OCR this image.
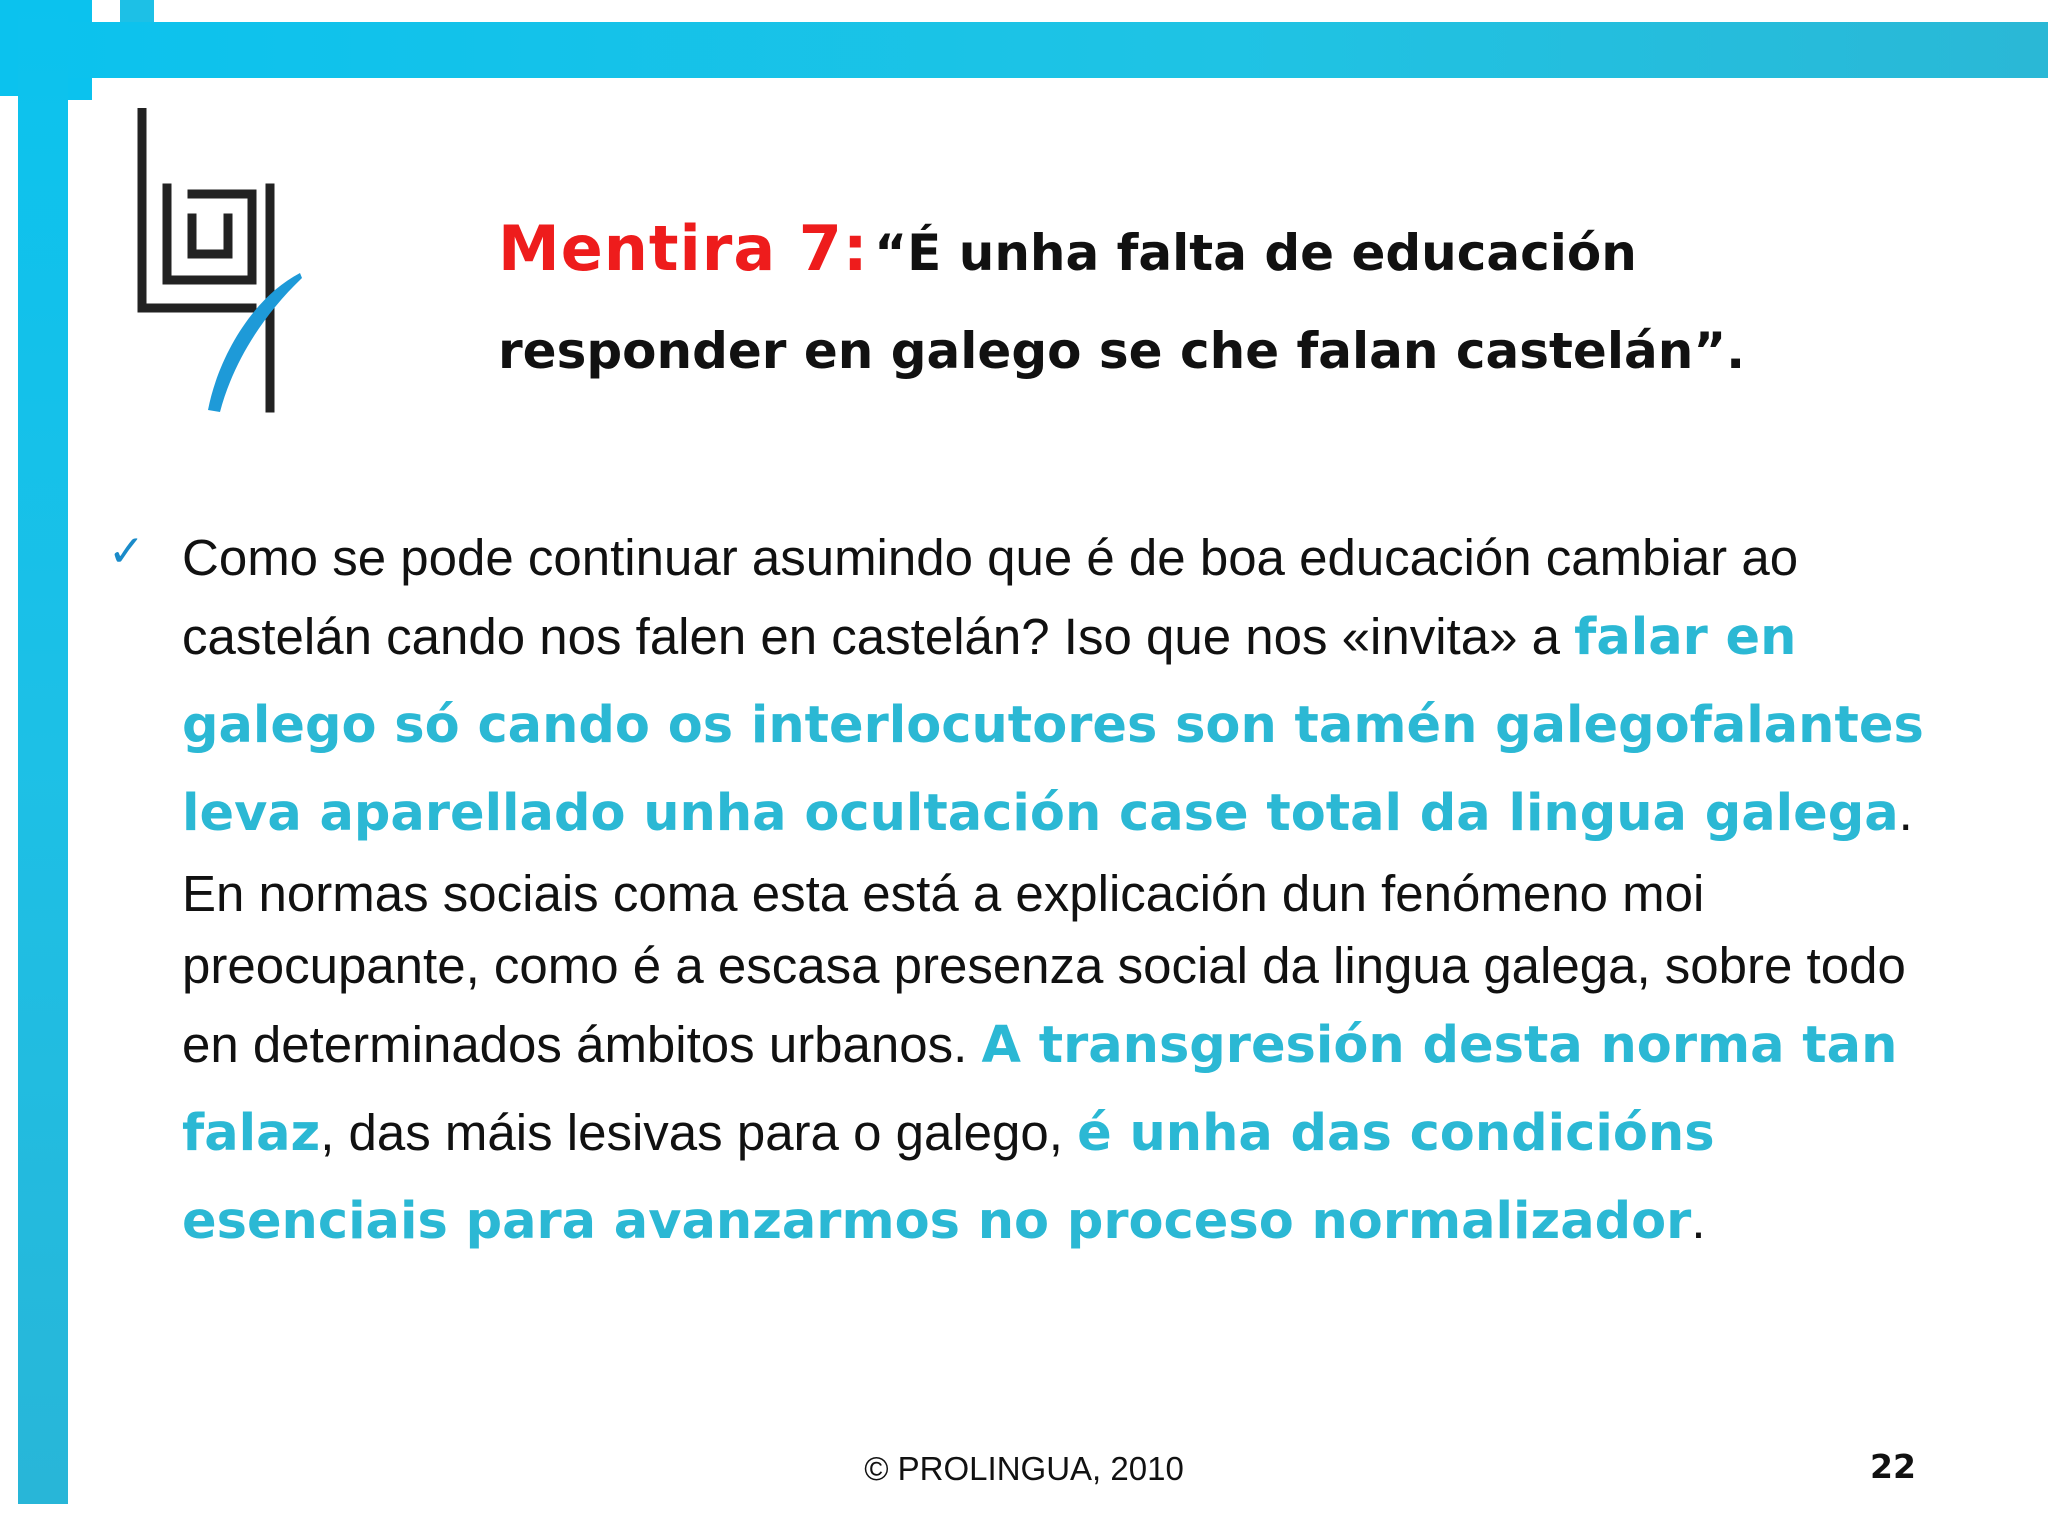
Mentira 7: “É unha falta de educación responder en galego se che falan castelán”.
✓ Como se pode continuar asumindo que é de boa educación cambiar ao castelán cando nos falen en castelán? Iso que nos «invita» a falar en galego só cando os interlocutores son tamén galegofalantes leva aparellado unha ocultación case total da lingua galega. En normas sociais coma esta está a explicación dun fenómeno moi preocupante, como é a escasa presenza social da lingua galega, sobre todo en determinados ámbitos urbanos. A transgresión desta norma tan falaz, das máis lesivas para o galego, é unha das condicións esenciais para avanzarmos no proceso normalizador.
© PROLINGUA, 2010	22
